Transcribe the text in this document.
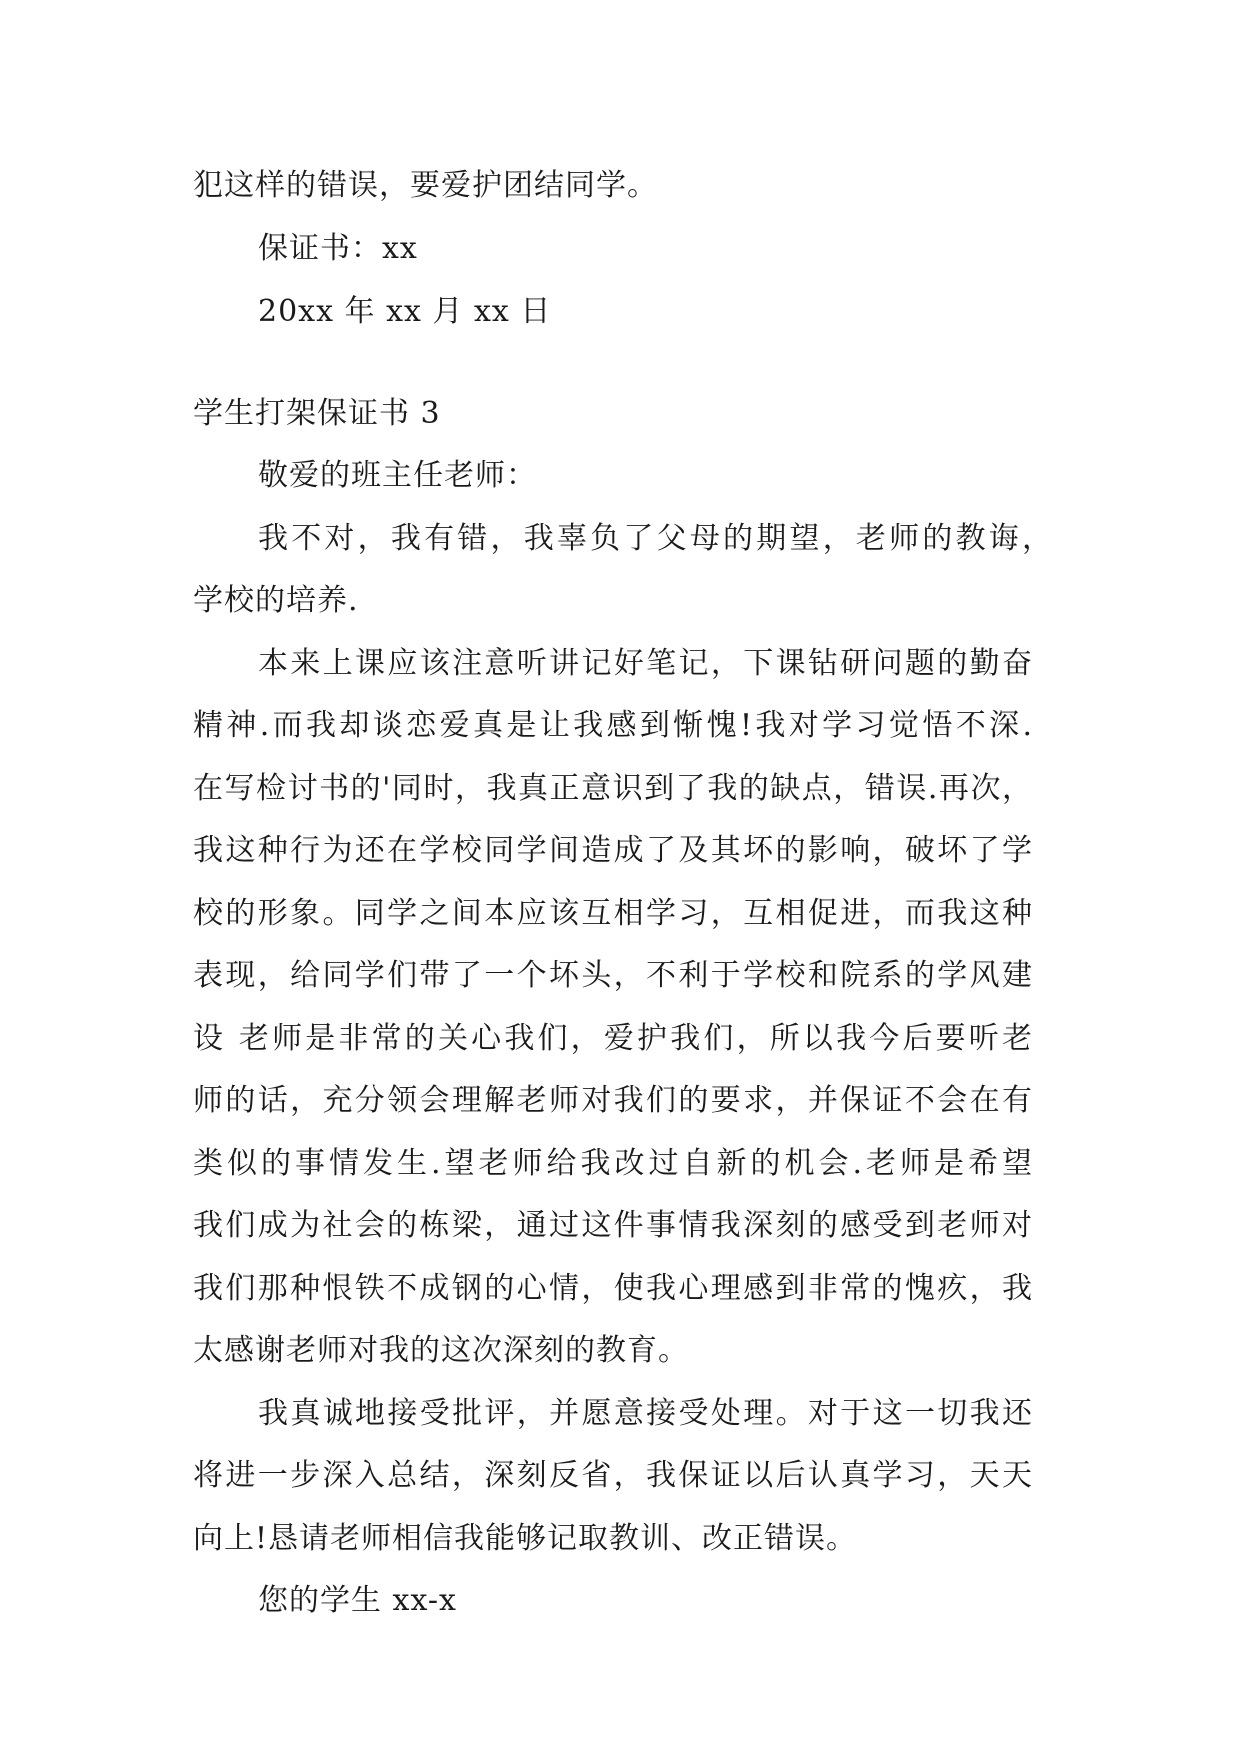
犯这样的错误，要爱护团结同学。
保证书：xx
20xx 年 xx 月 xx 日
学生打架保证书 3
敬爱的班主任老师：
我不对，我有错，我辜负了父母的期望，老师的教诲，
学校的培养.
本来上课应该注意听讲记好笔记，下课钻研问题的勤奋
精神.而我却谈恋爱真是让我感到惭愧!我对学习觉悟不深.
在写检讨书的'同时，我真正意识到了我的缺点，错误.再次，
我这种行为还在学校同学间造成了及其坏的影响，破坏了学
校的形象。同学之间本应该互相学习，互相促进，而我这种
表现，给同学们带了一个坏头，不利于学校和院系的学风建
设 老师是非常的关心我们，爱护我们，所以我今后要听老
师的话，充分领会理解老师对我们的要求，并保证不会在有
类似的事情发生.望老师给我改过自新的机会.老师是希望
我们成为社会的栋梁，通过这件事情我深刻的感受到老师对
我们那种恨铁不成钢的心情，使我心理感到非常的愧疚，我
太感谢老师对我的这次深刻的教育。
我真诚地接受批评，并愿意接受处理。对于这一切我还
将进一步深入总结，深刻反省，我保证以后认真学习，天天
向上!恳请老师相信我能够记取教训、改正错误。
您的学生 xx-x
